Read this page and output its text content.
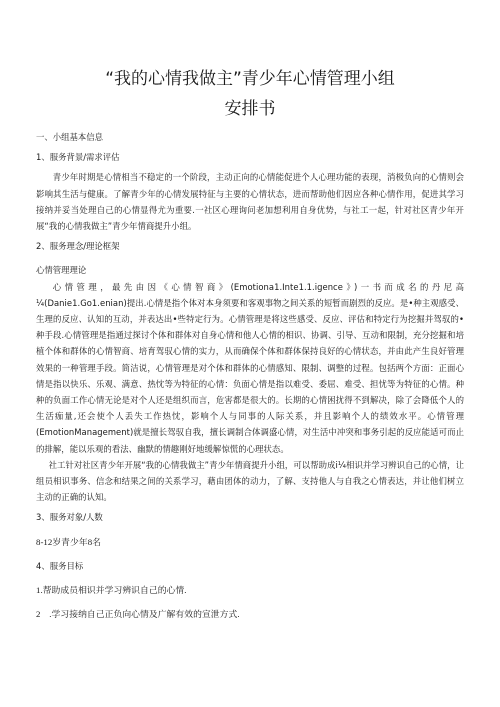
“我的心情我做主”青少年心情管理小组
安排书

一、小组基本信息

1、服务背景/需求评估

青少年时期是心情相当不稳定的一个阶段，主动正向的心情能促进个人心理功能的表现，消极负向的心情则会影响其生活与健康。了解青少年的心情发展特征与主要的心情状态，进而帮助他们因应各种心情作用，促进其学习接纳并妥当处理自己的心情显得尤为重要.一社区心理询问老加想利用自身优势，与社工一起，针对社区青少年开展“我的心情我做主”青少年情商提升小组。

2、服务理念/理论框架

心情管理理论

心情管理，最先由因《心情智商》(Emotiona1.Inte1.1.igence》)一书而成名的丹尼高¼(Danie1.Go1.enian)提出.心情是指个体对本身须要和客观事物之间关系的短暂而剧烈的反应。是•种主观感受、生理的反应、认知的互动，并表达出•些特定行为。心情管理是将这些感受、反应、评估和特定行为挖掘并驾驭的•种手段.心情管理是指通过探讨个体和群体对自身心情和他人心情的相识、协调、引导、互动和限制，充分挖掘和培植个体和群体的心情智商、培育驾驭心情的实力，从而确保个体和群体保持良好的心情状态，并由此产生良好管理效果的一种管理手段。简洁说，心情管理是对个体和群体的心情感知、限制、调整的过程。包括两个方面：正面心情是指以快乐、乐观、满意、热忱等为特征的心情：负面心情是指以难受、委屈、难受、担忧等为特征的心情。种种的负面工作心情无论是对个人还是组织而言，危害都是很大的。长期的心情困扰得不到解决，除了会降低个人的生活痂量,还会使个人丢失工作热忱，影响个人与同事的人际关系，并且影响个人的绩效水平。心情管理(EmotionManagement)就是擅长驾驭自我，擅长调制合体调盛心情，对生活中冲突和事务引起的反应能适可而止的排解，能以乐观的看法、幽默的情趣刚好地缓解惊慌的心理状态。

社工针对社区青少年开展“我的心情我做主”青少年情商提升小组，可以帮助成i¼相识并学习辨识自己的心情，让组员相识事务、信念和结果之间的关系学习，藉由团体的动力，了解、支持他人与自我之心情表达，并让他们树立主动的正确的认知。

3、服务对象/人数

8-12岁青少年8名

4、服务目标

1.帮助成员相识并学习辨识自己的心情.

2　.学习接纳自己正负向心情及广解有效的宣泄方式.
